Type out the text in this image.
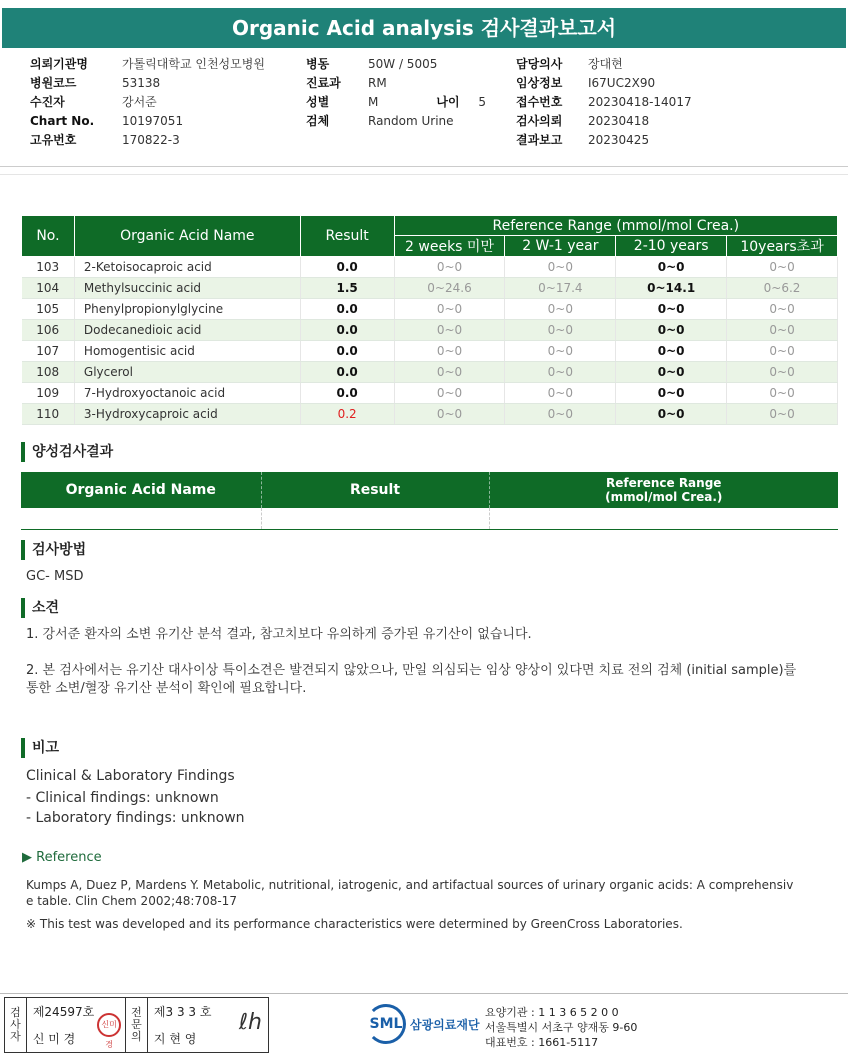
Organic Acid analysis 검사결과보고서
의뢰기관명	가톨릭대학교 인천성모병원
병원코드	53138
수진자	강서준
Chart No.	10197051
고유번호	170822-3
병동	50W / 5005
진료과	RM
성별	M	나이	5
검체	Random Urine
담당의사	장대현
임상정보	I67UC2X90
접수번호	20230418-14017
검사의뢰	20230418
결과보고	20230425
No.	Organic Acid Name	Result	Reference Range (mmol/mol Crea.)			
			2 weeks 미만	2 W-1 year	2-10 years	10years초과
103	2-Ketoisocaproic acid	0.0	0~0	0~0	0~0	0~0
104	Methylsuccinic acid	1.5	0~24.6	0~17.4	0~14.1	0~6.2
105	Phenylpropionylglycine	0.0	0~0	0~0	0~0	0~0
106	Dodecanedioic acid	0.0	0~0	0~0	0~0	0~0
107	Homogentisic acid	0.0	0~0	0~0	0~0	0~0
108	Glycerol	0.0	0~0	0~0	0~0	0~0
109	7-Hydroxyoctanoic acid	0.0	0~0	0~0	0~0	0~0
110	3-Hydroxycaproic acid	0.2	0~0	0~0	0~0	0~0
양성검사결과
Organic Acid Name	Result	Reference Range
(mmol/mol Crea.)

검사방법
GC- MSD
소견
1. 강서준 환자의 소변 유기산 분석 결과, 참고치보다 유의하게 증가된 유기산이 없습니다.
2. 본 검사에서는 유기산 대사이상 특이소견은 발견되지 않았으나, 만일 의심되는 임상 양상이 있다면 치료 전의 검체 (initial sample)를
통한 소변/혈장 유기산 분석이 확인에 필요합니다.
비고
Clinical & Laboratory Findings
- Clinical findings: unknown
- Laboratory findings: unknown
▶ Reference
Kumps A, Duez P, Mardens Y. Metabolic, nutritional, iatrogenic, and artifactual sources of urinary organic acids: A comprehensiv
e table. Clin Chem 2002;48:708-17
※ This test was developed and its performance characteristics were determined by GreenCross Laboratories.
검
사
자
제24597호
신 미 경
신미경
전
문
의
제3 3 3 호
지 현 영
ℓh	SML 삼광의료재단
요양기관 : 1 1 3 6 5 2 0 0
서울특별시 서초구 양재동 9-60
대표번호 : 1661-5117
